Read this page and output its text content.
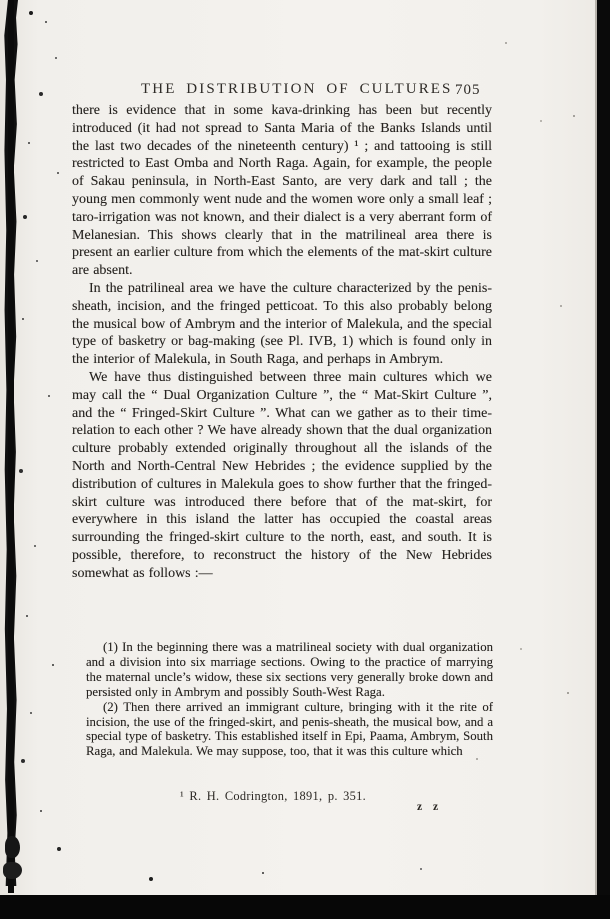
THE DISTRIBUTION OF CULTURES 705

there is evidence that in some kava-drinking has been but recently introduced (it had not spread to Santa Maria of the Banks Islands until the last two decades of the nineteenth century) ¹ ; and tattooing is still restricted to East Omba and North Raga. Again, for example, the people of Sakau peninsula, in North-East Santo, are very dark and tall ; the young men commonly went nude and the women wore only a small leaf ; taro-irrigation was not known, and their dialect is a very aberrant form of Melanesian. This shows clearly that in the matrilineal area there is present an earlier culture from which the elements of the mat-skirt culture are absent.

In the patrilineal area we have the culture characterized by the penis-sheath, incision, and the fringed petticoat. To this also probably belong the musical bow of Ambrym and the interior of Malekula, and the special type of basketry or bag-making (see Pl. IVB, 1) which is found only in the interior of Malekula, in South Raga, and perhaps in Ambrym.

We have thus distinguished between three main cultures which we may call the “ Dual Organization Culture ”, the “ Mat-Skirt Culture ”, and the “ Fringed-Skirt Culture ”. What can we gather as to their time-relation to each other ? We have already shown that the dual organization culture probably extended originally throughout all the islands of the North and North-Central New Hebrides ; the evidence supplied by the distribution of cultures in Malekula goes to show further that the fringed-skirt culture was introduced there before that of the mat-skirt, for everywhere in this island the latter has occupied the coastal areas surrounding the fringed-skirt culture to the north, east, and south. It is possible, therefore, to reconstruct the history of the New Hebrides somewhat as follows :—

(1) In the beginning there was a matrilineal society with dual organization and a division into six marriage sections. Owing to the practice of marrying the maternal uncle’s widow, these six sections very generally broke down and persisted only in Ambrym and possibly South-West Raga.

(2) Then there arrived an immigrant culture, bringing with it the rite of incision, the use of the fringed-skirt, and penis-sheath, the musical bow, and a special type of basketry. This established itself in Epi, Paama, Ambrym, South Raga, and Malekula. We may suppose, too, that it was this culture which

¹ R. H. Codrington, 1891, p. 351.
z z
